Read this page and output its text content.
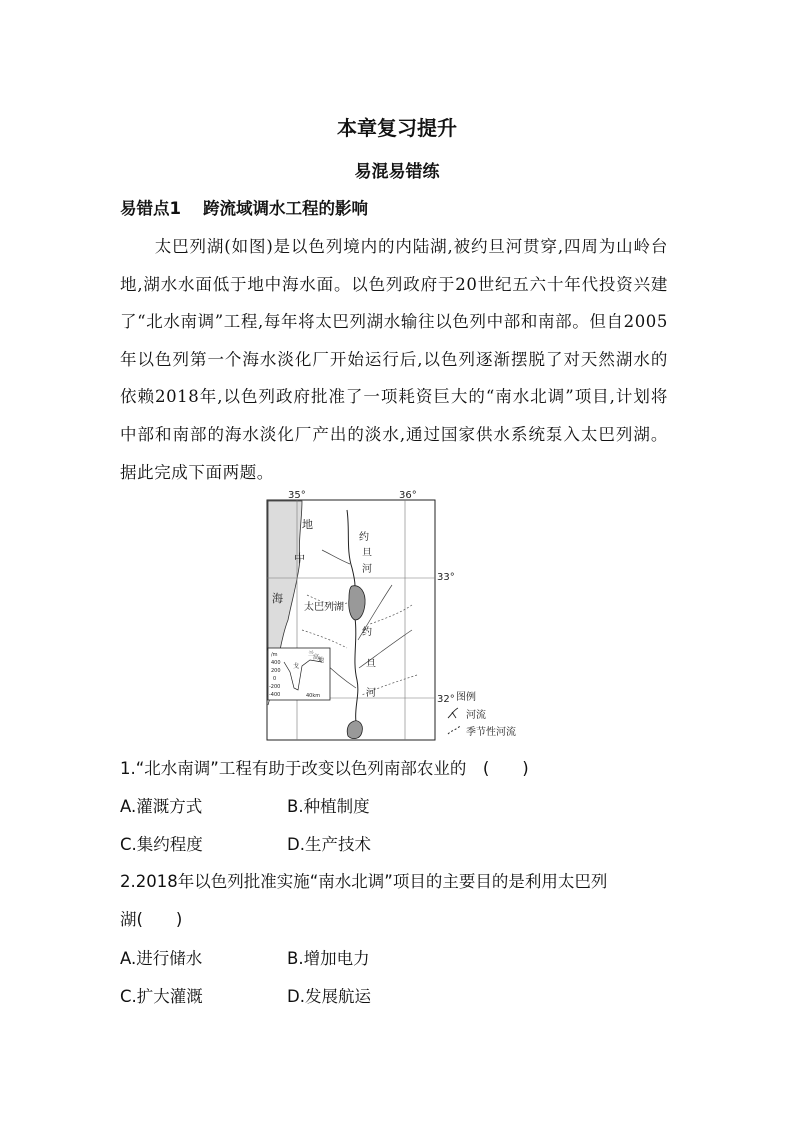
本章复习提升
易混易错练
易错点1 跨流域调水工程的影响

　　太巴列湖(如图)是以色列境内的内陆湖,被约旦河贯穿,四周为山岭台地,湖水水面低于地中海水面。以色列政府于20世纪五六十年代投资兴建了“北水南调”工程,每年将太巴列湖水输往以色列中部和南部。但自2005年以色列第一个海水淡化厂开始运行后,以色列逐渐摆脱了对天然湖水的依赖2018年,以色列政府批准了一项耗资巨大的“南水北调”项目,计划将中部和南部的海水淡化厂产出的淡水,通过国家供水系统泵入太巴列湖。据此完成下面两题。

35°	36°
33°
32°
地
中
海
约
旦
河
约
旦
河
太巴列湖
/m
400
200
0
-200
-400
戈
兰
高
地
40km	图例
河流
季节性河流
1.“北水南调”工程有助于改变以色列南部农业的　(　　)
A.灌溉方式	B.种植制度
C.集约程度	D.生产技术
2.2018年以色列批准实施“南水北调”项目的主要目的是利用太巴列
湖(　　)
A.进行储水	B.增加电力
C.扩大灌溉	D.发展航运
